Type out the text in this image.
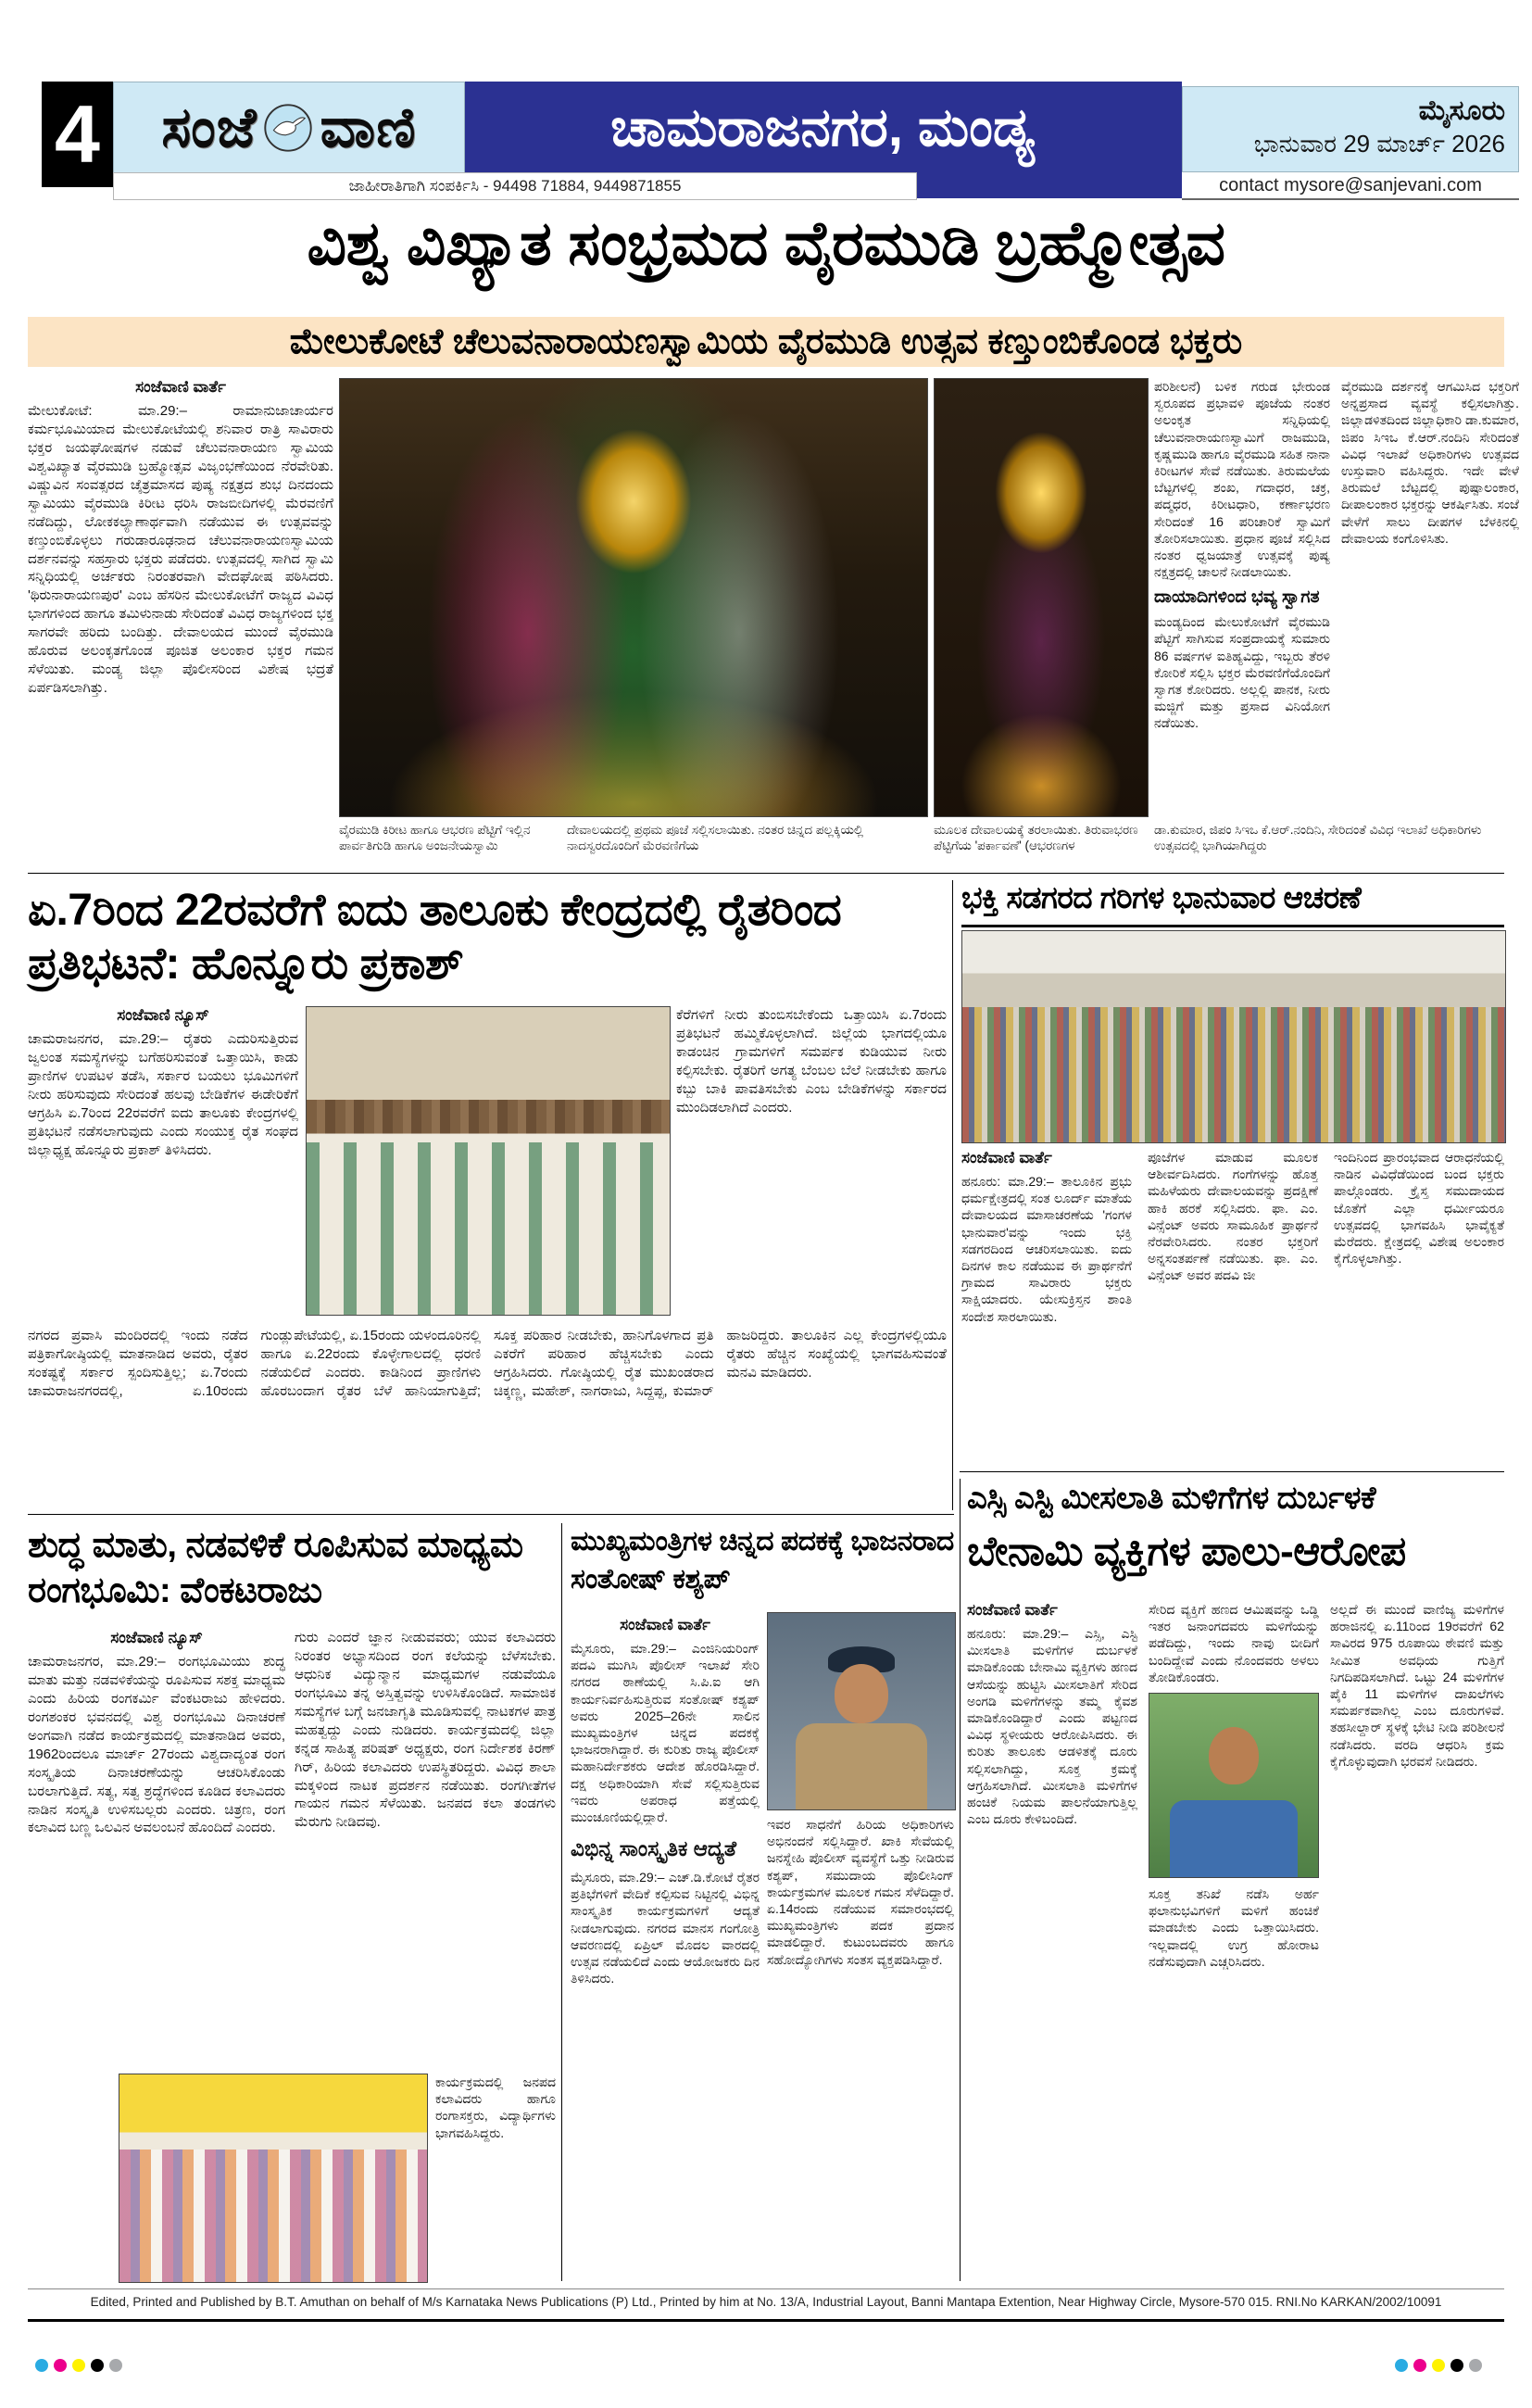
4	ಚಾಮರಾಜನಗರ, ಮಂಡ್ಯ
ಸಂಜೆ ವಾಣಿ
ಜಾಹೀರಾತಿಗಾಗಿ ಸಂಪರ್ಕಿಸಿ - 94498 71884, 9449871855
ಮೈಸೂರು
ಭಾನುವಾರ 29 ಮಾರ್ಚ್ 2026
contact mysore@sanjevani.com
ವಿಶ್ವ ವಿಖ್ಯಾತ ಸಂಭ್ರಮದ ವೈರಮುಡಿ ಬ್ರಹ್ಮೋತ್ಸವ
ಮೇಲುಕೋಟೆ ಚೆಲುವನಾರಾಯಣಸ್ವಾಮಿಯ ವೈರಮುಡಿ ಉತ್ಸವ ಕಣ್ತುಂಬಿಕೊಂಡ ಭಕ್ತರು
ಸಂಜೆವಾಣಿ ವಾರ್ತೆ
ಮೇಲುಕೋಟೆ: ಮಾ.29:– ರಾಮಾನುಜಾಚಾರ್ಯರ ಕರ್ಮಭೂಮಿಯಾದ ಮೇಲುಕೋಟೆಯಲ್ಲಿ ಶನಿವಾರ ರಾತ್ರಿ ಸಾವಿರಾರು ಭಕ್ತರ ಜಯಘೋಷಗಳ ನಡುವೆ ಚೆಲುವನಾರಾಯಣ ಸ್ವಾಮಿಯ ವಿಶ್ವವಿಖ್ಯಾತ ವೈರಮುಡಿ ಬ್ರಹ್ಮೋತ್ಸವ ವಿಜೃಂಭಣೆಯಿಂದ ನೆರವೇರಿತು. ವಿಷ್ಣುವಿನ ಸಂವತ್ಸರದ ಚೈತ್ರಮಾಸದ ಪುಷ್ಯ ನಕ್ಷತ್ರದ ಶುಭ ದಿನದಂದು ಸ್ವಾಮಿಯು ವೈರಮುಡಿ ಕಿರೀಟ ಧರಿಸಿ ರಾಜಬೀದಿಗಳಲ್ಲಿ ಮೆರವಣಿಗೆ ನಡೆದಿದ್ದು, ಲೋಕಕಲ್ಯಾಣಾರ್ಥವಾಗಿ ನಡೆಯುವ ಈ ಉತ್ಸವವನ್ನು ಕಣ್ತುಂಬಿಕೊಳ್ಳಲು ಗರುಡಾರೂಢನಾದ ಚೆಲುವನಾರಾಯಣಸ್ವಾಮಿಯ ದರ್ಶನವನ್ನು ಸಹಸ್ರಾರು ಭಕ್ತರು ಪಡೆದರು. ಉತ್ಸವದಲ್ಲಿ ಸಾಗಿದ ಸ್ವಾಮಿ ಸನ್ನಿಧಿಯಲ್ಲಿ ಅರ್ಚಕರು ನಿರಂತರವಾಗಿ ವೇದಘೋಷ ಪಠಿಸಿದರು. 'ಥಿರುನಾರಾಯಣಪುರ' ಎಂಬ ಹೆಸರಿನ ಮೇಲುಕೋಟೆಗೆ ರಾಜ್ಯದ ವಿವಿಧ ಭಾಗಗಳಿಂದ ಹಾಗೂ ತಮಿಳುನಾಡು ಸೇರಿದಂತೆ ವಿವಿಧ ರಾಜ್ಯಗಳಿಂದ ಭಕ್ತ ಸಾಗರವೇ ಹರಿದು ಬಂದಿತ್ತು. ದೇವಾಲಯದ ಮುಂದೆ ವೈರಮುಡಿ ಹೊರುವ ಅಲಂಕೃತಗೊಂಡ ಪೂಜಿತ ಅಲಂಕಾರ ಭಕ್ತರ ಗಮನ ಸೆಳೆಯಿತು. ಮಂಡ್ಯ ಜಿಲ್ಲಾ ಪೊಲೀಸರಿಂದ ವಿಶೇಷ ಭದ್ರತೆ ಏರ್ಪಡಿಸಲಾಗಿತ್ತು.
ಪರಿಶೀಲನೆ) ಬಳಿಕ ಗರುಡ ಭೇರುಂಡ ಸ್ವರೂಪದ ಪ್ರಭಾವಳಿ ಪೂಜೆಯ ನಂತರ ಅಲಂಕೃತ ಸನ್ನಿಧಿಯಲ್ಲಿ ಚೆಲುವನಾರಾಯಣಸ್ವಾಮಿಗೆ ರಾಜಮುಡಿ, ಕೃಷ್ಣಮುಡಿ ಹಾಗೂ ವೈರಮುಡಿ ಸಹಿತ ನಾನಾ ಕಿರೀಟಗಳ ಸೇವೆ ನಡೆಯಿತು. ತಿರುಮಲೆಯ ಬೆಟ್ಟಗಳಲ್ಲಿ ಶಂಖ, ಗದಾಧರ, ಚಕ್ರ, ಪದ್ಮಧರ, ಕಿರೀಟಧಾರಿ, ಕರ್ಣಾಭರಣ ಸೇರಿದಂತೆ 16 ಪರಿಚಾರಿಕೆ ಸ್ವಾಮಿಗೆ ತೋರಿಸಲಾಯಿತು. ಪ್ರಧಾನ ಪೂಜೆ ಸಲ್ಲಿಸಿದ ನಂತರ ಧ್ವಜಯಾತ್ರೆ ಉತ್ಸವಕ್ಕೆ ಪುಷ್ಯ ನಕ್ಷತ್ರದಲ್ಲಿ ಚಾಲನೆ ನೀಡಲಾಯಿತು.
ದಾಯಾದಿಗಳಿಂದ ಭವ್ಯ ಸ್ವಾಗತ
ಮಂಡ್ಯದಿಂದ ಮೇಲುಕೋಟೆಗೆ ವೈರಮುಡಿ ಪೆಟ್ಟಿಗೆ ಸಾಗಿಸುವ ಸಂಪ್ರದಾಯಕ್ಕೆ ಸುಮಾರು 86 ವರ್ಷಗಳ ಐತಿಹ್ಯವಿದ್ದು, ಇಬ್ಬರು ತೆರಳಿ ಕೋರಿಕೆ ಸಲ್ಲಿಸಿ ಭಕ್ತರ ಮೆರವಣಿಗೆಯೊಂದಿಗೆ ಸ್ವಾಗತ ಕೋರಿದರು. ಅಲ್ಲಲ್ಲಿ ಪಾನಕ, ನೀರು ಮಜ್ಜಿಗೆ ಮತ್ತು ಪ್ರಸಾದ ವಿನಿಯೋಗ ನಡೆಯಿತು.
ವೈರಮುಡಿ ದರ್ಶನಕ್ಕೆ ಆಗಮಿಸಿದ ಭಕ್ತರಿಗೆ ಅನ್ನಪ್ರಸಾದ ವ್ಯವಸ್ಥೆ ಕಲ್ಪಿಸಲಾಗಿತ್ತು. ಜಿಲ್ಲಾಡಳಿತದಿಂದ ಜಿಲ್ಲಾಧಿಕಾರಿ ಡಾ.ಕುಮಾರ, ಜಿಪಂ ಸಿಇಒ ಕೆ.ಆರ್.ನಂದಿನಿ ಸೇರಿದಂತೆ ವಿವಿಧ ಇಲಾಖೆ ಅಧಿಕಾರಿಗಳು ಉತ್ಸವದ ಉಸ್ತುವಾರಿ ವಹಿಸಿದ್ದರು. ಇದೇ ವೇಳೆ ತಿರುಮಲೆ ಬೆಟ್ಟದಲ್ಲಿ ಪುಷ್ಪಾಲಂಕಾರ, ದೀಪಾಲಂಕಾರ ಭಕ್ತರನ್ನು ಆಕರ್ಷಿಸಿತು. ಸಂಜೆ ವೇಳೆಗೆ ಸಾಲು ದೀಪಗಳ ಬೆಳಕಿನಲ್ಲಿ ದೇವಾಲಯ ಕಂಗೊಳಿಸಿತು.
ವೈರಮುಡಿ ಕಿರೀಟ ಹಾಗೂ ಆಭರಣ ಪೆಟ್ಟಿಗೆ ಇಲ್ಲಿನ ಪಾರ್ವತಿಗುಡಿ ಹಾಗೂ ಅಂಜನೇಯಸ್ವಾಮಿ
ದೇವಾಲಯದಲ್ಲಿ ಪ್ರಥಮ ಪೂಜೆ ಸಲ್ಲಿಸಲಾಯಿತು. ನಂತರ ಚಿನ್ನದ ಪಲ್ಲಕ್ಕಿಯಲ್ಲಿ ನಾದಸ್ವರದೊಂದಿಗೆ ಮೆರವಣಿಗೆಯ
ಮೂಲಕ ದೇವಾಲಯಕ್ಕೆ ತರಲಾಯಿತು. ತಿರುವಾಭರಣ ಪೆಟ್ಟಿಗೆಯ 'ಪರ್ಕಾವಣೆ' (ಆಭರಣಗಳ
ಡಾ.ಕುಮಾರ, ಜಿಪಂ ಸಿಇಒ ಕೆ.ಆರ್.ನಂದಿನಿ, ಸೇರಿದಂತೆ ವಿವಿಧ ಇಲಾಖೆ ಅಧಿಕಾರಿಗಳು ಉತ್ಸವದಲ್ಲಿ ಭಾಗಿಯಾಗಿದ್ದರು
ಏ.7ರಿಂದ 22ರವರೆಗೆ ಐದು ತಾಲೂಕು ಕೇಂದ್ರದಲ್ಲಿ ರೈತರಿಂದ ಪ್ರತಿಭಟನೆ: ಹೊನ್ನೂರು ಪ್ರಕಾಶ್
ಸಂಜೆವಾಣಿ ನ್ಯೂಸ್
ಚಾಮರಾಜನಗರ, ಮಾ.29:– ರೈತರು ಎದುರಿಸುತ್ತಿರುವ ಜ್ವಲಂತ ಸಮಸ್ಯೆಗಳನ್ನು ಬಗೆಹರಿಸುವಂತೆ ಒತ್ತಾಯಿಸಿ, ಕಾಡು ಪ್ರಾಣಿಗಳ ಉಪಟಳ ತಡೆಸಿ, ಸರ್ಕಾರ ಬಯಲು ಭೂಮಿಗಳಿಗೆ ನೀರು ಹರಿಸುವುದು ಸೇರಿದಂತೆ ಹಲವು ಬೇಡಿಕೆಗಳ ಈಡೇರಿಕೆಗೆ ಆಗ್ರಹಿಸಿ ಏ.7ರಿಂದ 22ರವರೆಗೆ ಐದು ತಾಲೂಕು ಕೇಂದ್ರಗಳಲ್ಲಿ ಪ್ರತಿಭಟನೆ ನಡೆಸಲಾಗುವುದು ಎಂದು ಸಂಯುಕ್ತ ರೈತ ಸಂಘದ ಜಿಲ್ಲಾಧ್ಯಕ್ಷ ಹೊನ್ನೂರು ಪ್ರಕಾಶ್ ತಿಳಿಸಿದರು.
ಕೆರೆಗಳಿಗೆ ನೀರು ತುಂಬಿಸಬೇಕೆಂದು ಒತ್ತಾಯಿಸಿ ಏ.7ರಂದು ಪ್ರತಿಭಟನೆ ಹಮ್ಮಿಕೊಳ್ಳಲಾಗಿದೆ. ಜಿಲ್ಲೆಯ ಭಾಗದಲ್ಲಿಯೂ ಕಾಡಂಚಿನ ಗ್ರಾಮಗಳಿಗೆ ಸಮರ್ಪಕ ಕುಡಿಯುವ ನೀರು ಕಲ್ಪಿಸಬೇಕು. ರೈತರಿಗೆ ಅಗತ್ಯ ಬೆಂಬಲ ಬೆಲೆ ನೀಡಬೇಕು ಹಾಗೂ ಕಬ್ಬು ಬಾಕಿ ಪಾವತಿಸಬೇಕು ಎಂಬ ಬೇಡಿಕೆಗಳನ್ನು ಸರ್ಕಾರದ ಮುಂದಿಡಲಾಗಿದೆ ಎಂದರು.
ನಗರದ ಪ್ರವಾಸಿ ಮಂದಿರದಲ್ಲಿ ಇಂದು ನಡೆದ ಪತ್ರಿಕಾಗೋಷ್ಠಿಯಲ್ಲಿ ಮಾತನಾಡಿದ ಅವರು, ರೈತರ ಸಂಕಷ್ಟಕ್ಕೆ ಸರ್ಕಾರ ಸ್ಪಂದಿಸುತ್ತಿಲ್ಲ; ಏ.7ರಂದು ಚಾಮರಾಜನಗರದಲ್ಲಿ, ಏ.10ರಂದು ಗುಂಡ್ಲುಪೇಟೆಯಲ್ಲಿ, ಏ.15ರಂದು ಯಳಂದೂರಿನಲ್ಲಿ ಹಾಗೂ ಏ.22ರಂದು ಕೊಳ್ಳೇಗಾಲದಲ್ಲಿ ಧರಣಿ ನಡೆಯಲಿದೆ ಎಂದರು. ಕಾಡಿನಿಂದ ಪ್ರಾಣಿಗಳು ಹೊರಬಂದಾಗ ರೈತರ ಬೆಳೆ ಹಾನಿಯಾಗುತ್ತಿದೆ; ಸೂಕ್ತ ಪರಿಹಾರ ನೀಡಬೇಕು, ಹಾನಿಗೊಳಗಾದ ಪ್ರತಿ ಎಕರೆಗೆ ಪರಿಹಾರ ಹೆಚ್ಚಿಸಬೇಕು ಎಂದು ಆಗ್ರಹಿಸಿದರು. ಗೋಷ್ಠಿಯಲ್ಲಿ ರೈತ ಮುಖಂಡರಾದ ಚಿಕ್ಕಣ್ಣ, ಮಹೇಶ್, ನಾಗರಾಜು, ಸಿದ್ದಪ್ಪ, ಕುಮಾರ್ ಹಾಜರಿದ್ದರು. ತಾಲೂಕಿನ ಎಲ್ಲ ಕೇಂದ್ರಗಳಲ್ಲಿಯೂ ರೈತರು ಹೆಚ್ಚಿನ ಸಂಖ್ಯೆಯಲ್ಲಿ ಭಾಗವಹಿಸುವಂತೆ ಮನವಿ ಮಾಡಿದರು.
ಭಕ್ತಿ ಸಡಗರದ ಗರಿಗಳ ಭಾನುವಾರ ಆಚರಣೆ
ಸಂಜೆವಾಣಿ ವಾರ್ತೆ
ಹನೂರು: ಮಾ.29:– ತಾಲೂಕಿನ ಪ್ರಭು ಧರ್ಮಕ್ಷೇತ್ರದಲ್ಲಿ ಸಂತ ಲೂರ್ದ್ ಮಾತೆಯ ದೇವಾಲಯದ ಮಾಸಾಚರಣೆಯ 'ಗಂಗಳ ಭಾನುವಾರ'ವನ್ನು ಇಂದು ಭಕ್ತಿ ಸಡಗರದಿಂದ ಆಚರಿಸಲಾಯಿತು. ಐದು ದಿನಗಳ ಕಾಲ ನಡೆಯುವ ಈ ಪ್ರಾರ್ಥನೆಗೆ ಗ್ರಾಮದ ಸಾವಿರಾರು ಭಕ್ತರು ಸಾಕ್ಷಿಯಾದರು. ಯೇಸುಕ್ರಿಸ್ತನ ಶಾಂತಿ ಸಂದೇಶ ಸಾರಲಾಯಿತು.
ಪೂಜೆಗಳ ಮಾಡುವ ಮೂಲಕ ಆಶೀರ್ವದಿಸಿದರು. ಗಂಗೆಗಳನ್ನು ಹೊತ್ತ ಮಹಿಳೆಯರು ದೇವಾಲಯವನ್ನು ಪ್ರದಕ್ಷಿಣೆ ಹಾಕಿ ಹರಕೆ ಸಲ್ಲಿಸಿದರು. ಫಾ. ಎಂ. ವಿನ್ಸೆಂಟ್ ಅವರು ಸಾಮೂಹಿಕ ಪ್ರಾರ್ಥನೆ ನೆರವೇರಿಸಿದರು. ನಂತರ ಭಕ್ತರಿಗೆ ಅನ್ನಸಂತರ್ಪಣೆ ನಡೆಯಿತು. ಫಾ. ಎಂ. ವಿನ್ಸೆಂಟ್ ಅವರ ಪದವಿ ಜೀ
ಇಂದಿನಿಂದ ಪ್ರಾರಂಭವಾದ ಆರಾಧನೆಯಲ್ಲಿ ನಾಡಿನ ವಿವಿಧೆಡೆಯಿಂದ ಬಂದ ಭಕ್ತರು ಪಾಲ್ಗೊಂಡರು. ಕ್ರೈಸ್ತ ಸಮುದಾಯದ ಜೊತೆಗೆ ಎಲ್ಲಾ ಧರ್ಮೀಯರೂ ಉತ್ಸವದಲ್ಲಿ ಭಾಗವಹಿಸಿ ಭಾವೈಕ್ಯತೆ ಮೆರೆದರು. ಕ್ಷೇತ್ರದಲ್ಲಿ ವಿಶೇಷ ಅಲಂಕಾರ ಕೈಗೊಳ್ಳಲಾಗಿತ್ತು.
ಶುದ್ಧ ಮಾತು, ನಡವಳಿಕೆ ರೂಪಿಸುವ ಮಾಧ್ಯಮ ರಂಗಭೂಮಿ: ವೆಂಕಟರಾಜು
ಸಂಜೆವಾಣಿ ನ್ಯೂಸ್
ಚಾಮರಾಜನಗರ, ಮಾ.29:– ರಂಗಭೂಮಿಯು ಶುದ್ಧ ಮಾತು ಮತ್ತು ನಡವಳಿಕೆಯನ್ನು ರೂಪಿಸುವ ಸಶಕ್ತ ಮಾಧ್ಯಮ ಎಂದು ಹಿರಿಯ ರಂಗಕರ್ಮಿ ವೆಂಕಟರಾಜು ಹೇಳಿದರು. ರಂಗಶಂಕರ ಭವನದಲ್ಲಿ ವಿಶ್ವ ರಂಗಭೂಮಿ ದಿನಾಚರಣೆ ಅಂಗವಾಗಿ ನಡೆದ ಕಾರ್ಯಕ್ರಮದಲ್ಲಿ ಮಾತನಾಡಿದ ಅವರು, 1962ರಿಂದಲೂ ಮಾರ್ಚ್ 27ರಂದು ವಿಶ್ವದಾದ್ಯಂತ ರಂಗ ಸಂಸ್ಕೃತಿಯ ದಿನಾಚರಣೆಯನ್ನು ಆಚರಿಸಿಕೊಂಡು ಬರಲಾಗುತ್ತಿದೆ. ಸತ್ಯ, ಸತ್ವ ಶ್ರದ್ಧೆಗಳಿಂದ ಕೂಡಿದ ಕಲಾವಿದರು ನಾಡಿನ ಸಂಸ್ಕೃತಿ ಉಳಿಸಬಲ್ಲರು ಎಂದರು. ಚಿತ್ರಣ, ರಂಗ ಕಲಾವಿದ ಬಣ್ಣ ಒಲವಿನ ಅವಲಂಬನೆ ಹೊಂದಿದೆ ಎಂದರು.
ಗುರು ಎಂದರೆ ಜ್ಞಾನ ನೀಡುವವರು; ಯುವ ಕಲಾವಿದರು ನಿರಂತರ ಅಭ್ಯಾಸದಿಂದ ರಂಗ ಕಲೆಯನ್ನು ಬೆಳೆಸಬೇಕು. ಆಧುನಿಕ ವಿದ್ಯುನ್ಮಾನ ಮಾಧ್ಯಮಗಳ ನಡುವೆಯೂ ರಂಗಭೂಮಿ ತನ್ನ ಅಸ್ತಿತ್ವವನ್ನು ಉಳಿಸಿಕೊಂಡಿದೆ. ಸಾಮಾಜಿಕ ಸಮಸ್ಯೆಗಳ ಬಗ್ಗೆ ಜನಜಾಗೃತಿ ಮೂಡಿಸುವಲ್ಲಿ ನಾಟಕಗಳ ಪಾತ್ರ ಮಹತ್ವದ್ದು ಎಂದು ನುಡಿದರು. ಕಾರ್ಯಕ್ರಮದಲ್ಲಿ ಜಿಲ್ಲಾ ಕನ್ನಡ ಸಾಹಿತ್ಯ ಪರಿಷತ್ ಅಧ್ಯಕ್ಷರು, ರಂಗ ನಿರ್ದೇಶಕ ಕಿರಣ್ ಗಿರ್, ಹಿರಿಯ ಕಲಾವಿದರು ಉಪಸ್ಥಿತರಿದ್ದರು. ವಿವಿಧ ಶಾಲಾ ಮಕ್ಕಳಿಂದ ನಾಟಕ ಪ್ರದರ್ಶನ ನಡೆಯಿತು. ರಂಗಗೀತೆಗಳ ಗಾಯನ ಗಮನ ಸೆಳೆಯಿತು. ಜನಪದ ಕಲಾ ತಂಡಗಳು ಮೆರುಗು ನೀಡಿದವು.
ಕಾರ್ಯಕ್ರಮದಲ್ಲಿ ಜನಪದ ಕಲಾವಿದರು ಹಾಗೂ ರಂಗಾಸಕ್ತರು, ವಿದ್ಯಾರ್ಥಿಗಳು ಭಾಗವಹಿಸಿದ್ದರು.
ಮುಖ್ಯಮಂತ್ರಿಗಳ ಚಿನ್ನದ ಪದಕಕ್ಕೆ ಭಾಜನರಾದ ಸಂತೋಷ್ ಕಶ್ಯಪ್
ಸಂಜೆವಾಣಿ ವಾರ್ತೆ
ಮೈಸೂರು, ಮಾ.29:– ಎಂಜಿನಿಯರಿಂಗ್ ಪದವಿ ಮುಗಿಸಿ ಪೊಲೀಸ್ ಇಲಾಖೆ ಸೇರಿ ನಗರದ ಠಾಣೆಯಲ್ಲಿ ಸಿ.ಪಿ.ಐ ಆಗಿ ಕಾರ್ಯನಿರ್ವಹಿಸುತ್ತಿರುವ ಸಂತೋಷ್ ಕಶ್ಯಪ್ ಅವರು 2025–26ನೇ ಸಾಲಿನ ಮುಖ್ಯಮಂತ್ರಿಗಳ ಚಿನ್ನದ ಪದಕಕ್ಕೆ ಭಾಜನರಾಗಿದ್ದಾರೆ. ಈ ಕುರಿತು ರಾಜ್ಯ ಪೊಲೀಸ್ ಮಹಾನಿರ್ದೇಶಕರು ಆದೇಶ ಹೊರಡಿಸಿದ್ದಾರೆ. ದಕ್ಷ ಅಧಿಕಾರಿಯಾಗಿ ಸೇವೆ ಸಲ್ಲಿಸುತ್ತಿರುವ ಇವರು ಅಪರಾಧ ಪತ್ತೆಯಲ್ಲಿ ಮುಂಚೂಣಿಯಲ್ಲಿದ್ದಾರೆ.
ವಿಭಿನ್ನ ಸಾಂಸ್ಕೃತಿಕ ಆದ್ಯತೆ
ಮೈಸೂರು, ಮಾ.29:– ಎಚ್.ಡಿ.ಕೋಟೆ ರೈತರ ಪ್ರತಿಭೆಗಳಿಗೆ ವೇದಿಕೆ ಕಲ್ಪಿಸುವ ನಿಟ್ಟಿನಲ್ಲಿ ವಿಭಿನ್ನ ಸಾಂಸ್ಕೃತಿಕ ಕಾರ್ಯಕ್ರಮಗಳಿಗೆ ಆದ್ಯತೆ ನೀಡಲಾಗುವುದು. ನಗರದ ಮಾನಸ ಗಂಗೋತ್ರಿ ಆವರಣದಲ್ಲಿ ಏಪ್ರಿಲ್ ಮೊದಲ ವಾರದಲ್ಲಿ ಉತ್ಸವ ನಡೆಯಲಿದೆ ಎಂದು ಆಯೋಜಕರು ದಿನ ತಿಳಿಸಿದರು.
ಇವರ ಸಾಧನೆಗೆ ಹಿರಿಯ ಅಧಿಕಾರಿಗಳು ಅಭಿನಂದನೆ ಸಲ್ಲಿಸಿದ್ದಾರೆ. ಖಾಕಿ ಸೇವೆಯಲ್ಲಿ ಜನಸ್ನೇಹಿ ಪೊಲೀಸ್ ವ್ಯವಸ್ಥೆಗೆ ಒತ್ತು ನೀಡಿರುವ ಕಶ್ಯಪ್, ಸಮುದಾಯ ಪೊಲೀಸಿಂಗ್ ಕಾರ್ಯಕ್ರಮಗಳ ಮೂಲಕ ಗಮನ ಸೆಳೆದಿದ್ದಾರೆ. ಏ.14ರಂದು ನಡೆಯುವ ಸಮಾರಂಭದಲ್ಲಿ ಮುಖ್ಯಮಂತ್ರಿಗಳು ಪದಕ ಪ್ರದಾನ ಮಾಡಲಿದ್ದಾರೆ. ಕುಟುಂಬದವರು ಹಾಗೂ ಸಹೋದ್ಯೋಗಿಗಳು ಸಂತಸ ವ್ಯಕ್ತಪಡಿಸಿದ್ದಾರೆ.
ಎಸ್ಸಿ ಎಸ್ಟಿ ಮೀಸಲಾತಿ ಮಳಿಗೆಗಳ ದುರ್ಬಳಕೆ
ಬೇನಾಮಿ ವ್ಯಕ್ತಿಗಳ ಪಾಲು-ಆರೋಪ
ಸಂಜೆವಾಣಿ ವಾರ್ತೆ
ಹನೂರು: ಮಾ.29:– ಎಸ್ಸಿ, ಎಸ್ಟಿ ಮೀಸಲಾತಿ ಮಳಿಗೆಗಳ ದುರ್ಬಳಕೆ ಮಾಡಿಕೊಂಡು ಬೇನಾಮಿ ವ್ಯಕ್ತಿಗಳು ಹಣದ ಆಸೆಯನ್ನು ಹುಟ್ಟಿಸಿ ಮೀಸಲಾತಿಗೆ ಸೇರಿದ ಅಂಗಡಿ ಮಳಿಗೆಗಳನ್ನು ತಮ್ಮ ಕೈವಶ ಮಾಡಿಕೊಂಡಿದ್ದಾರೆ ಎಂದು ಪಟ್ಟಣದ ವಿವಿಧ ಸ್ಥಳೀಯರು ಆರೋಪಿಸಿದರು. ಈ ಕುರಿತು ತಾಲೂಕು ಆಡಳಿತಕ್ಕೆ ದೂರು ಸಲ್ಲಿಸಲಾಗಿದ್ದು, ಸೂಕ್ತ ಕ್ರಮಕ್ಕೆ ಆಗ್ರಹಿಸಲಾಗಿದೆ. ಮೀಸಲಾತಿ ಮಳಿಗೆಗಳ ಹಂಚಿಕೆ ನಿಯಮ ಪಾಲನೆಯಾಗುತ್ತಿಲ್ಲ ಎಂಬ ದೂರು ಕೇಳಿಬಂದಿದೆ.
ಸೇರಿದ ವ್ಯಕ್ತಿಗೆ ಹಣದ ಆಮಿಷವನ್ನು ಒಡ್ಡಿ ಇತರ ಜನಾಂಗದವರು ಮಳಿಗೆಯನ್ನು ಪಡೆದಿದ್ದು, ಇಂದು ನಾವು ಬೀದಿಗೆ ಬಂದಿದ್ದೇವೆ ಎಂದು ನೊಂದವರು ಅಳಲು ತೋಡಿಕೊಂಡರು.
ಸೂಕ್ತ ತನಿಖೆ ನಡೆಸಿ ಅರ್ಹ ಫಲಾನುಭವಿಗಳಿಗೆ ಮಳಿಗೆ ಹಂಚಿಕೆ ಮಾಡಬೇಕು ಎಂದು ಒತ್ತಾಯಿಸಿದರು. ಇಲ್ಲವಾದಲ್ಲಿ ಉಗ್ರ ಹೋರಾಟ ನಡೆಸುವುದಾಗಿ ಎಚ್ಚರಿಸಿದರು.
ಅಲ್ಲದೆ ಈ ಮುಂದೆ ವಾಣಿಜ್ಯ ಮಳಿಗೆಗಳ ಹರಾಜಿನಲ್ಲಿ ಏ.11ರಿಂದ 19ರವರೆಗೆ 62 ಸಾವಿರದ 975 ರೂಪಾಯಿ ಠೇವಣಿ ಮತ್ತು ಸೀಮಿತ ಅವಧಿಯ ಗುತ್ತಿಗೆ ನಿಗದಿಪಡಿಸಲಾಗಿದೆ. ಒಟ್ಟು 24 ಮಳಿಗೆಗಳ ಪೈಕಿ 11 ಮಳಿಗೆಗಳ ದಾಖಲೆಗಳು ಸಮರ್ಪಕವಾಗಿಲ್ಲ ಎಂಬ ದೂರುಗಳಿವೆ. ತಹಸೀಲ್ದಾರ್ ಸ್ಥಳಕ್ಕೆ ಭೇಟಿ ನೀಡಿ ಪರಿಶೀಲನೆ ನಡೆಸಿದರು. ವರದಿ ಆಧರಿಸಿ ಕ್ರಮ ಕೈಗೊಳ್ಳುವುದಾಗಿ ಭರವಸೆ ನೀಡಿದರು.
Edited, Printed and Published by B.T. Amuthan on behalf of M/s Karnataka News Publications (P) Ltd., Printed by him at No. 13/A, Industrial Layout, Banni Mantapa Extention, Near Highway Circle, Mysore-570 015. RNI.No KARKAN/2002/10091
